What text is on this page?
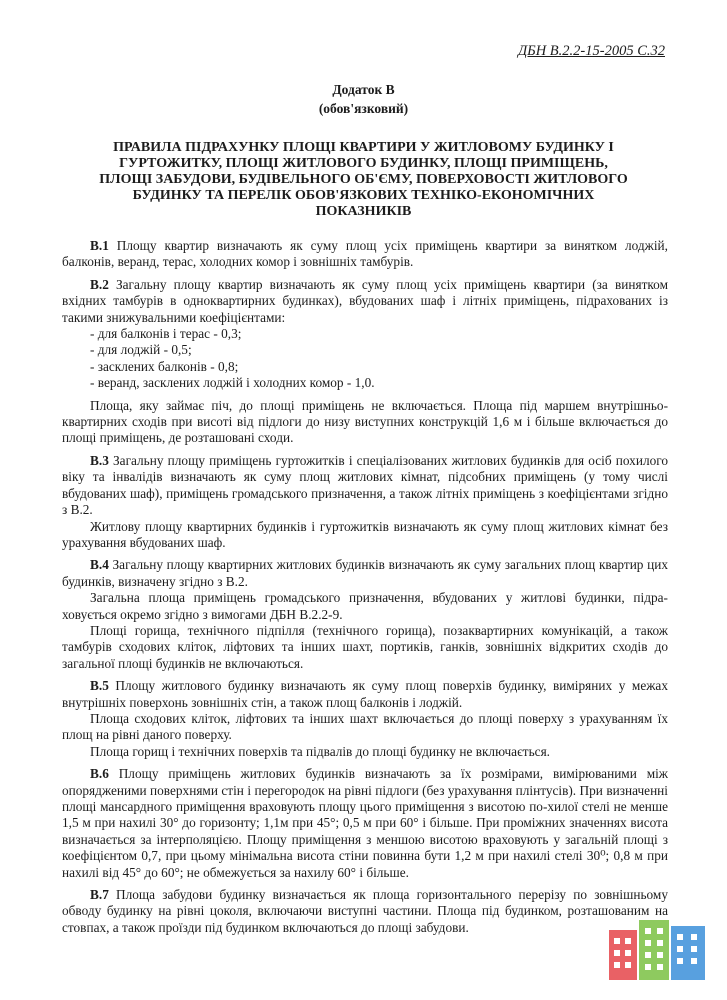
ДБН В.2.2-15-2005 С.32
Додаток В
(обов'язковий)
ПРАВИЛА ПІДРАХУНКУ ПЛОЩІ КВАРТИРИ У ЖИТЛОВОМУ БУДИНКУ І ГУРТОЖИТКУ, ПЛОЩІ ЖИТЛОВОГО БУДИНКУ, ПЛОЩІ ПРИМІЩЕНЬ, ПЛОЩІ ЗАБУДОВИ, БУДІВЕЛЬНОГО ОБ'ЄМУ, ПОВЕРХОВОСТІ ЖИТЛОВОГО БУДИНКУ ТА ПЕРЕЛІК ОБОВ'ЯЗКОВИХ ТЕХНІКО-ЕКОНОМІЧНИХ ПОКАЗНИКІВ

В.1 Площу квартир визначають як суму площ усіх приміщень квартири за винятком лоджій, балконів, веранд, терас, холодних комор і зовнішніх тамбурів.

В.2 Загальну площу квартир визначають як суму площ усіх приміщень квартири (за винятком вхідних тамбурів в одноквартирних будинках), вбудованих шаф і літніх приміщень, підрахованих із такими знижувальними коефіцієнтами:

- для балконів і терас - 0,3;
- для лоджій - 0,5;
- засклених балконів - 0,8;
- веранд, засклених лоджій і холодних комор - 1,0.

Площа, яку займає піч, до площі приміщень не включається. Площа під маршем внутрішньо-квартирних сходів при висоті від підлоги до низу виступних конструкцій 1,6 м і більше включається до площі приміщень, де розташовані сходи.

В.3 Загальну площу приміщень гуртожитків і спеціалізованих житлових будинків для осіб похилого віку та інвалідів визначають як суму площ житлових кімнат, підсобних приміщень (у тому числі вбудованих шаф), приміщень громадського призначення, а також літніх приміщень з коефіцієнтами згідно з В.2.

Житлову площу квартирних будинків і гуртожитків визначають як суму площ житлових кімнат без урахування вбудованих шаф.

В.4 Загальну площу квартирних житлових будинків визначають як суму загальних площ квартир цих будинків, визначену згідно з В.2.

Загальна площа приміщень громадського призначення, вбудованих у житлові будинки, підра-ховується окремо згідно з вимогами ДБН В.2.2-9.

Площі горища, технічного підпілля (технічного горища), позаквартирних комунікацій, а також тамбурів сходових кліток, ліфтових та інших шахт, портиків, ганків, зовнішніх відкритих сходів до загальної площі будинків не включаються.

В.5 Площу житлового будинку визначають як суму площ поверхів будинку, виміряних у межах внутрішніх поверхонь зовнішніх стін, а також площ балконів і лоджій.

Площа сходових кліток, ліфтових та інших шахт включається до площі поверху з урахуванням їх площ на рівні даного поверху.

Площа горищ і технічних поверхів та підвалів до площі будинку не включається.

В.6 Площу приміщень житлових будинків визначають за їх розмірами, вимірюваними між опорядженими поверхнями стін і перегородок на рівні підлоги (без урахування плінтусів). При визначенні площі мансардного приміщення враховують площу цього приміщення з висотою по-хилої стелі не менше 1,5 м при нахилі 30° до горизонту; 1,1м при 45°; 0,5 м при 60° і більше. При проміжних значеннях висота визначається за інтерполяцією. Площу приміщення з меншою висотою враховують у загальній площі з коефіцієнтом 0,7, при цьому мінімальна висота стіни повинна бути 1,2 м при нахилі стелі 30⁰; 0,8 м при нахилі від 45° до 60°; не обмежується за нахилу 60° і більше.

В.7 Площа забудови будинку визначається як площа горизонтального перерізу по зовнішньому обводу будинку на рівні цоколя, включаючи виступні частини. Площа під будинком, розташованим на стовпах, а також проїзди під будинком включаються до площі забудови.
